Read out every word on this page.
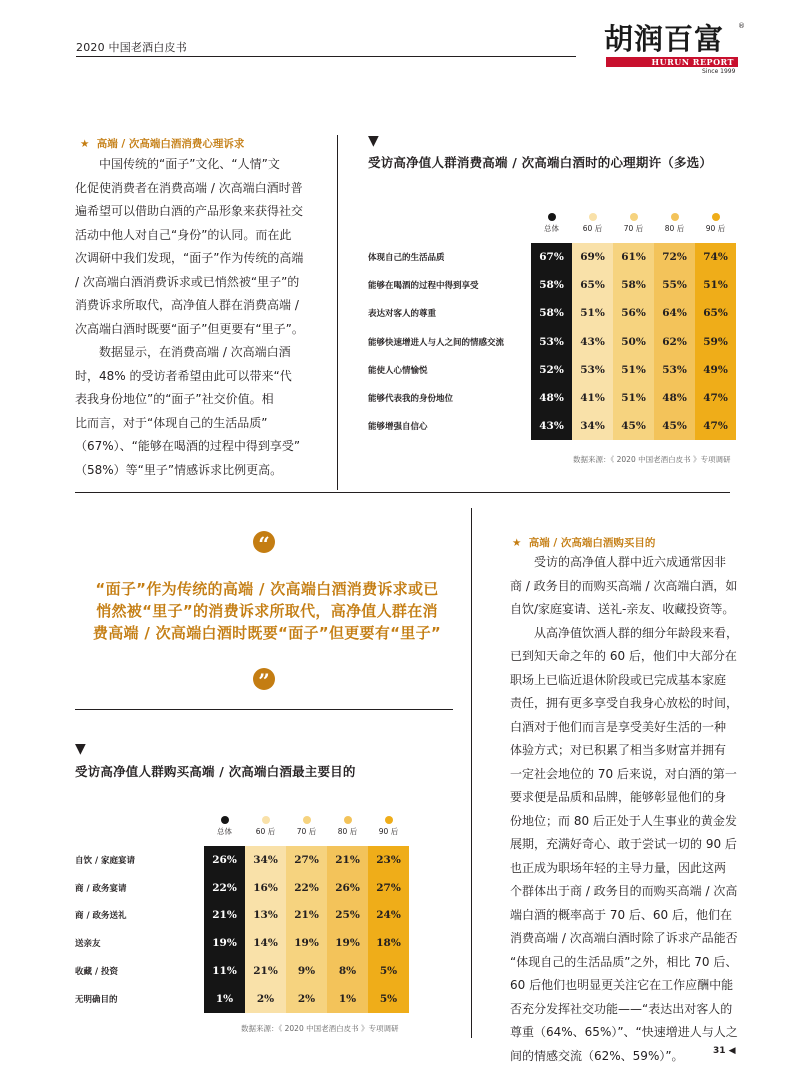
2020 中国老酒白皮书	胡润百富 ®
HURUN REPORT
Since 1999
★ 高端 / 次高端白酒消费心理诉求
中国传统的“面子”文化、“人情”文
化促使消费者在消费高端 / 次高端白酒时普
遍希望可以借助白酒的产品形象来获得社交
活动中他人对自己“身份”的认同。而在此
次调研中我们发现，“面子”作为传统的高端
/ 次高端白酒消费诉求或已悄然被“里子”的
消费诉求所取代，高净值人群在消费高端 /
次高端白酒时既要“面子”但更要有“里子”。
数据显示，在消费高端 / 次高端白酒
时，48% 的受访者希望由此可以带来“代
表我身份地位”的“面子”社交价值。相
比而言，对于“体现自己的生活品质”
（67%）、“能够在喝酒的过程中得到享受”
（58%）等“里子”情感诉求比例更高。
▼
受访高净值人群消费高端 / 次高端白酒时的心理期许（多选）

总体	60 后	70 后	80 后	90 后
体现自己的生活品质	67%	69%	61%	72%	74%
能够在喝酒的过程中得到享受	58%	65%	58%	55%	51%
表达对客人的尊重	58%	51%	56%	64%	65%
能够快速增进人与人之间的情感交流	53%	43%	50%	62%	59%
能使人心情愉悦	52%	53%	51%	53%	49%
能够代表我的身份地位	48%	41%	51%	48%	47%
能够增强自信心	43%	34%	45%	45%	47%
数据来源：《 2020 中国老酒白皮书 》专项调研
“
“面子”作为传统的高端 / 次高端白酒消费诉求或已
悄然被“里子”的消费诉求所取代，高净值人群在消
费高端 / 次高端白酒时既要“面子”但更要有“里子”
”
▼
受访高净值人群购买高端 / 次高端白酒最主要目的

总体	60 后	70 后	80 后	90 后
自饮 / 家庭宴请	26%	34%	27%	21%	23%
商 / 政务宴请	22%	16%	22%	26%	27%
商 / 政务送礼	21%	13%	21%	25%	24%
送亲友	19%	14%	19%	19%	18%
收藏 / 投资	11%	21%	9%	8%	5%
无明确目的	1%	2%	2%	1%	5%
数据来源：《 2020 中国老酒白皮书 》专项调研
★ 高端 / 次高端白酒购买目的
受访的高净值人群中近六成通常因非
商 / 政务目的而购买高端 / 次高端白酒，如
自饮/家庭宴请、送礼-亲友、收藏投资等。
从高净值饮酒人群的细分年龄段来看，
已到知天命之年的 60 后，他们中大部分在
职场上已临近退休阶段或已完成基本家庭
责任，拥有更多享受自我身心放松的时间，
白酒对于他们而言是享受美好生活的一种
体验方式；对已积累了相当多财富并拥有
一定社会地位的 70 后来说，对白酒的第一
要求便是品质和品牌，能够彰显他们的身
份地位；而 80 后正处于人生事业的黄金发
展期，充满好奇心、敢于尝试一切的 90 后
也正成为职场年轻的主导力量，因此这两
个群体出于商 / 政务目的而购买高端 / 次高
端白酒的概率高于 70 后、60 后，他们在
消费高端 / 次高端白酒时除了诉求产品能否
“体现自己的生活品质”之外，相比 70 后、
60 后他们也明显更关注它在工作应酬中能
否充分发挥社交功能——“表达出对客人的
尊重（64%、65%）”、“快速增进人与人之
间的情感交流（62%、59%）”。	31 ◀
